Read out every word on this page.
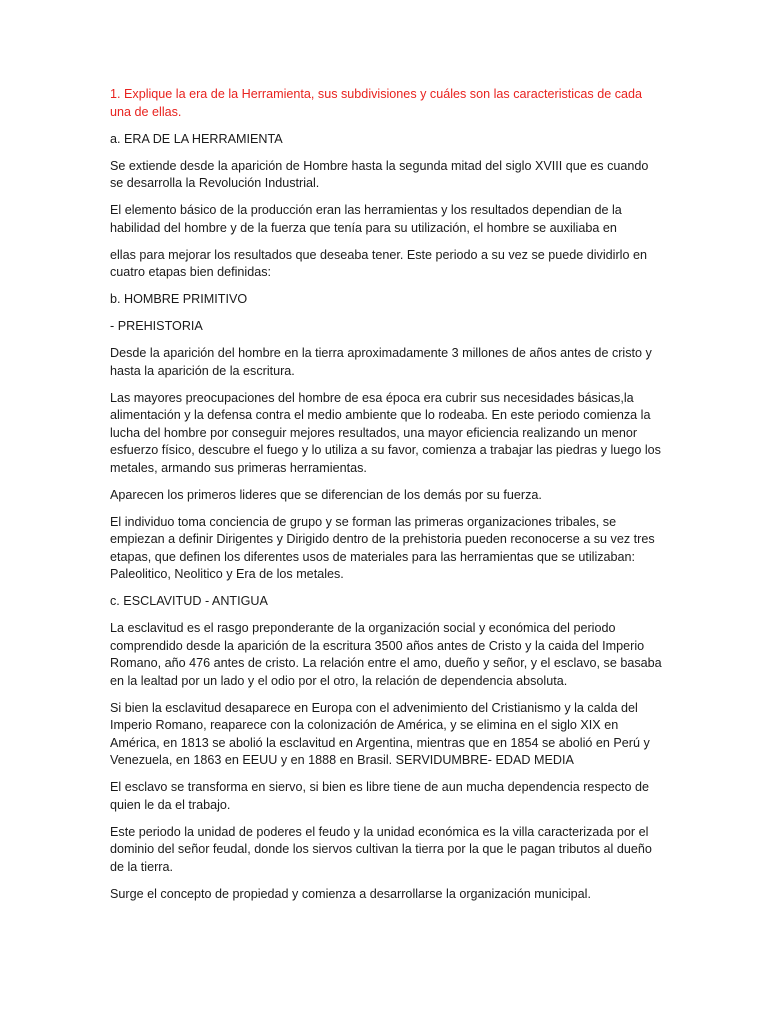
1. Explique la era de la Herramienta, sus subdivisiones y cuáles son las caracteristicas de cada una de ellas.

a. ERA DE LA HERRAMIENTA

Se extiende desde la aparición de Hombre hasta la segunda mitad del siglo XVIII que es cuando se desarrolla la Revolución Industrial.

El elemento básico de la producción eran las herramientas y los resultados dependian de la habilidad del hombre y de la fuerza que tenía para su utilización, el hombre se auxiliaba en

ellas para mejorar los resultados que deseaba tener. Este periodo a su vez se puede dividirlo en cuatro etapas bien definidas:

b. HOMBRE PRIMITIVO

- PREHISTORIA

Desde la aparición del hombre en la tierra aproximadamente 3 millones de años antes de cristo y hasta la aparición de la escritura.

Las mayores preocupaciones del hombre de esa época era cubrir sus necesidades básicas,la alimentación y la defensa contra el medio ambiente que lo rodeaba. En este periodo comienza la lucha del hombre por conseguir mejores resultados, una mayor eficiencia realizando un menor esfuerzo físico, descubre el fuego y lo utiliza a su favor, comienza a trabajar las piedras y luego los metales, armando sus primeras herramientas.

Aparecen los primeros lideres que se diferencian de los demás por su fuerza.

El individuo toma conciencia de grupo y se forman las primeras organizaciones tribales, se empiezan a definir Dirigentes y Dirigido dentro de la prehistoria pueden reconocerse a su vez tres etapas, que definen los diferentes usos de materiales para las herramientas que se utilizaban: Paleolitico, Neolitico y Era de los metales.

c. ESCLAVITUD - ANTIGUA

La esclavitud es el rasgo preponderante de la organización social y económica del periodo comprendido desde la aparición de la escritura 3500 años antes de Cristo y la caida del Imperio Romano, año 476 antes de cristo. La relación entre el amo, dueño y señor, y el esclavo, se basaba en la lealtad por un lado y el odio por el otro, la relación de dependencia absoluta.

Si bien la esclavitud desaparece en Europa con el advenimiento del Cristianismo y la calda del Imperio Romano, reaparece con la colonización de América, y se elimina en el siglo XIX en América, en 1813 se abolió la esclavitud en Argentina, mientras que en 1854 se abolió en Perú y Venezuela, en 1863 en EEUU y en 1888 en Brasil. SERVIDUMBRE- EDAD MEDIA

El esclavo se transforma en siervo, si bien es libre tiene de aun mucha dependencia respecto de quien le da el trabajo.

Este periodo la unidad de poderes el feudo y la unidad económica es la villa caracterizada por el dominio del señor feudal, donde los siervos cultivan la tierra por la que le pagan tributos al dueño de la tierra.

Surge el concepto de propiedad y comienza a desarrollarse la organización municipal.
